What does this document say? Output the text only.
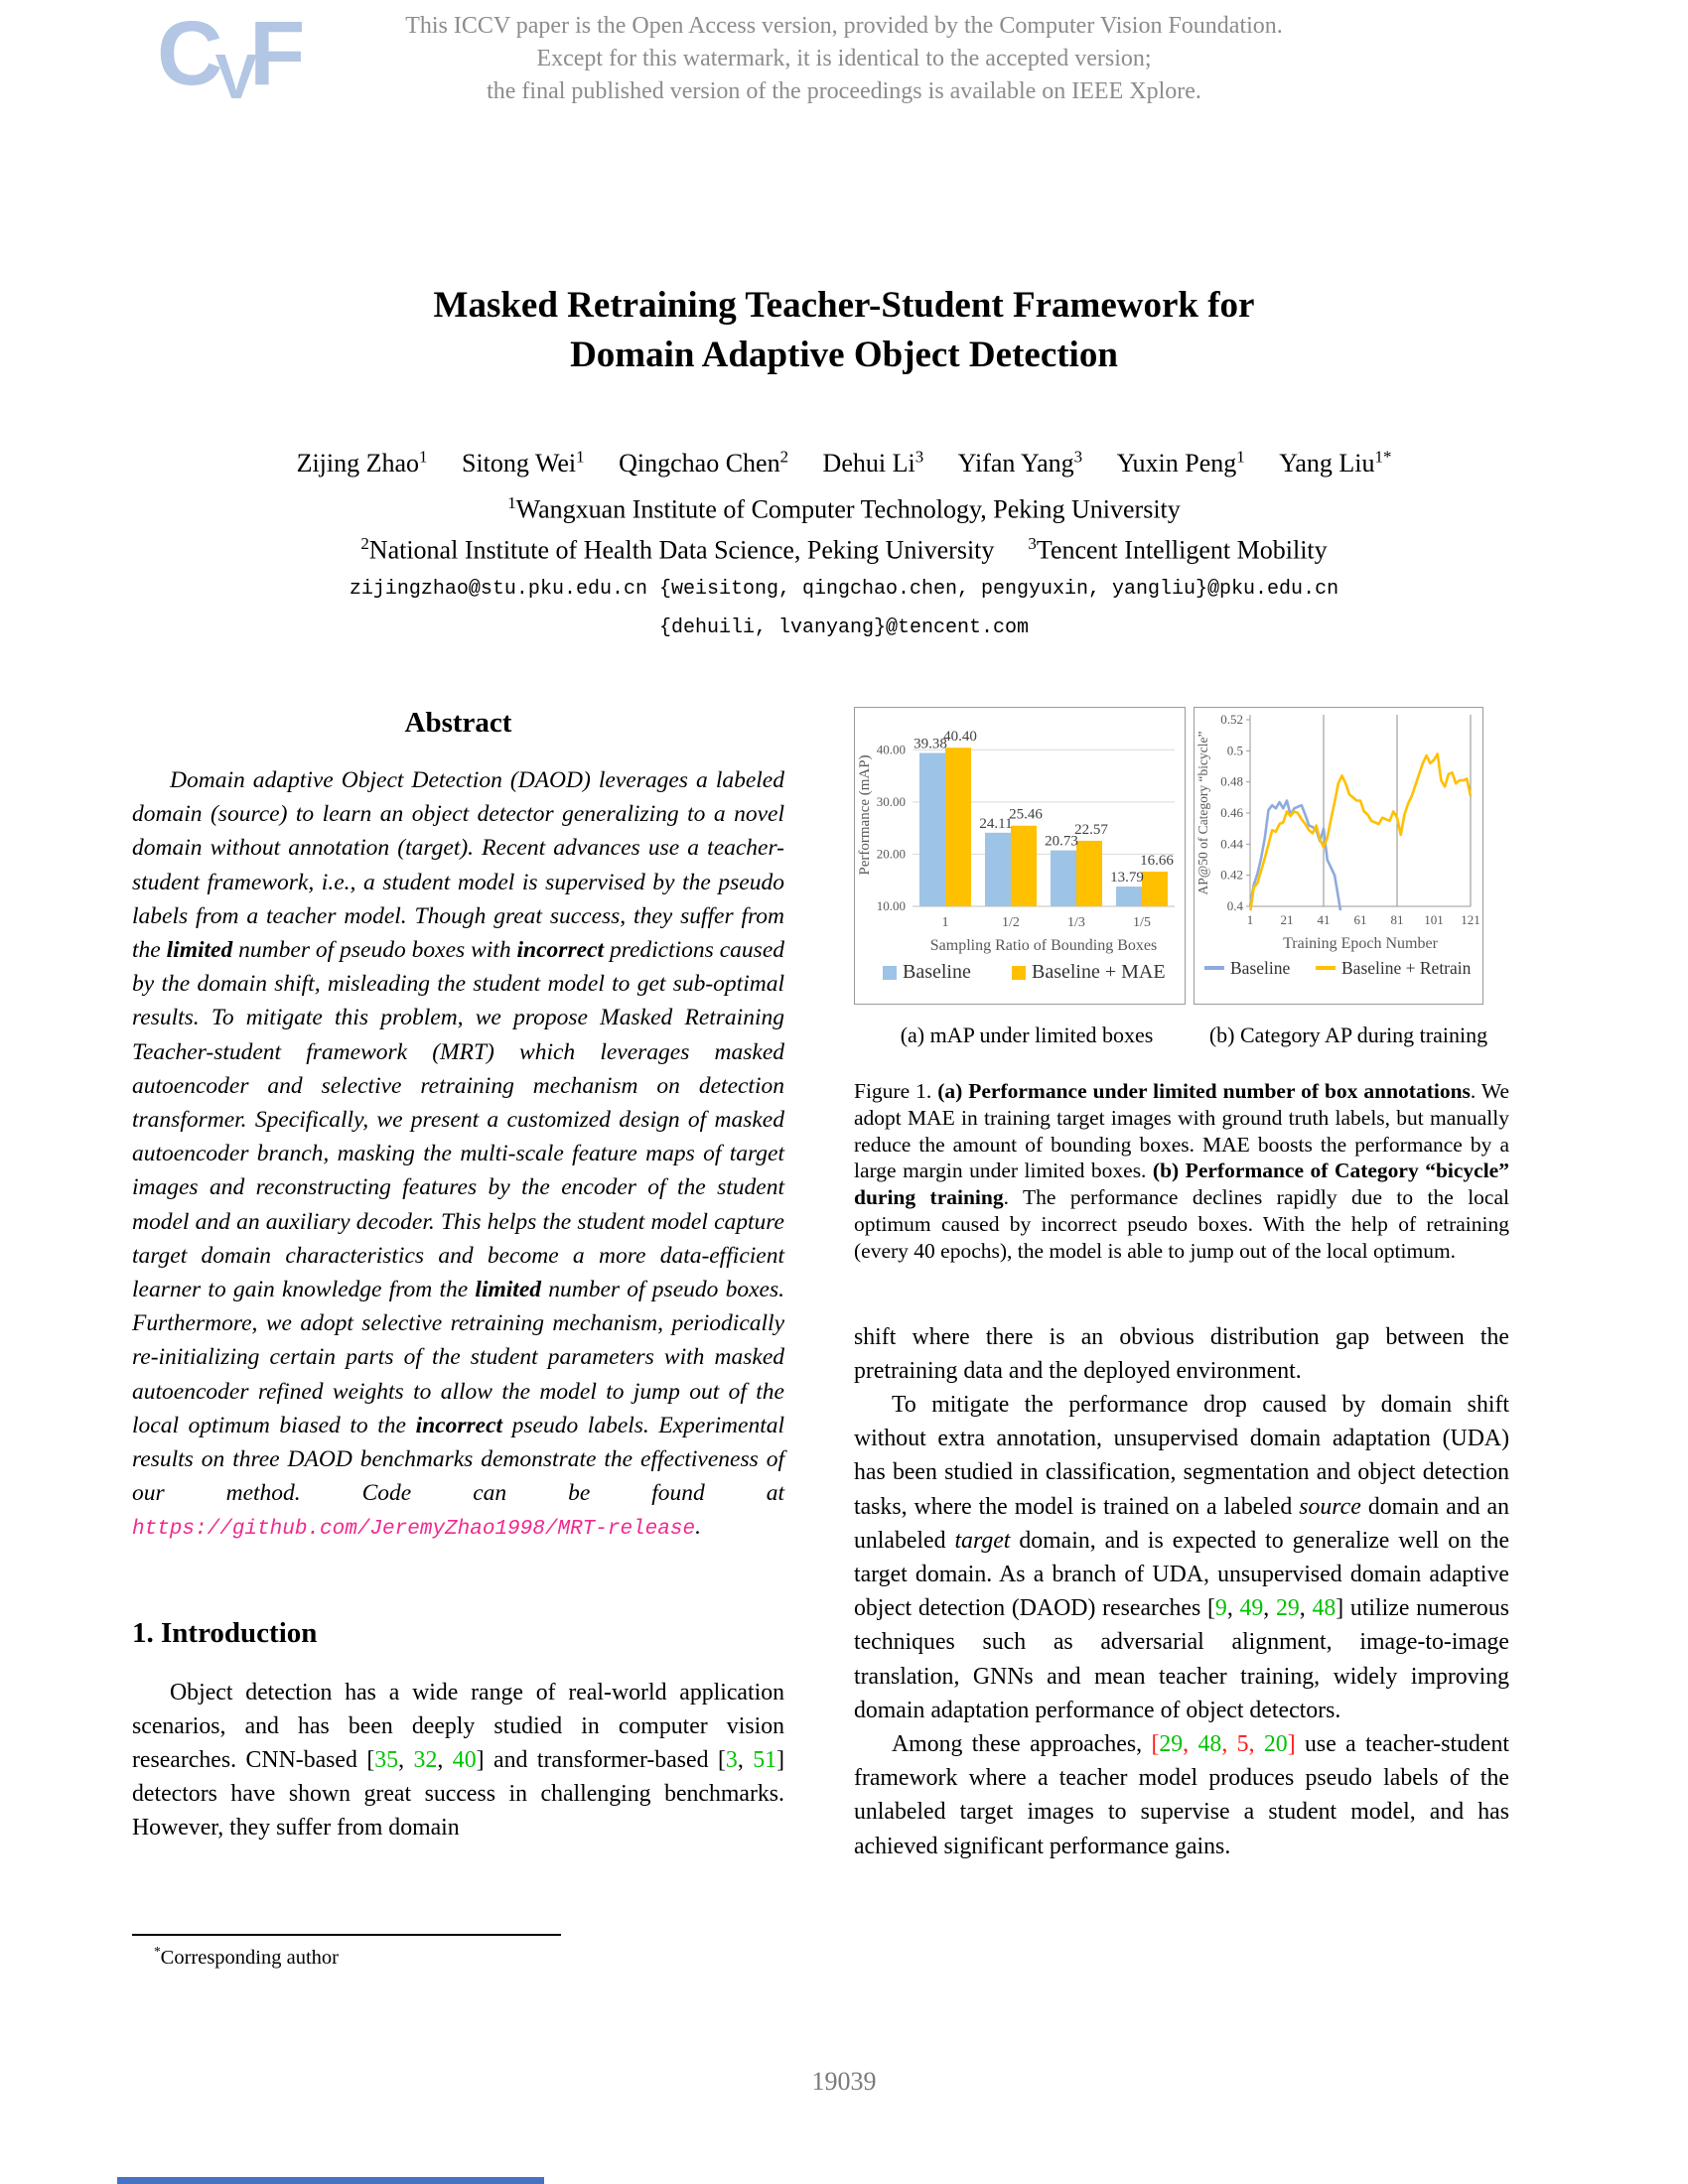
CVF	This ICCV paper is the Open Access version, provided by the Computer Vision Foundation.
Except for this watermark, it is identical to the accepted version;
the final published version of the proceedings is available on IEEE Xplore.
Masked Retraining Teacher-Student Framework for
Domain Adaptive Object Detection
Zijing Zhao$^1$ Sitong Wei$^1$ Qingchao Chen$^2$ Dehui Li$^3$ Yifan Yang$^3$ Yuxin Peng$^1$ Yang Liu$^{1*}$
$^1$Wangxuan Institute of Computer Technology, Peking University
$^2$National Institute of Health Data Science, Peking University $^3$Tencent Intelligent Mobility
zijingzhao@stu.pku.edu.cn {weisitong, qingchao.chen, pengyuxin, yangliu}@pku.edu.cn
{dehuili, lvanyang}@tencent.com
Abstract

Domain adaptive Object Detection (DAOD) leverages a labeled domain (source) to learn an object detector generalizing to a novel domain without annotation (target). Recent advances use a teacher-student framework, i.e., a student model is supervised by the pseudo labels from a teacher model. Though great success, they suffer from the limited number of pseudo boxes with incorrect predictions caused by the domain shift, misleading the student model to get sub-optimal results. To mitigate this problem, we propose Masked Retraining Teacher-student framework (MRT) which leverages masked autoencoder and selective retraining mechanism on detection transformer. Specifically, we present a customized design of masked autoencoder branch, masking the multi-scale feature maps of target images and reconstructing features by the encoder of the student model and an auxiliary decoder. This helps the student model capture target domain characteristics and become a more data-efficient learner to gain knowledge from the limited number of pseudo boxes. Furthermore, we adopt selective retraining mechanism, periodically re-initializing certain parts of the student parameters with masked autoencoder refined weights to allow the model to jump out of the local optimum biased to the incorrect pseudo labels. Experimental results on three DAOD benchmarks demonstrate the effectiveness of our method. Code can be found at https://github.com/JeremyZhao1998/MRT-release.

1. Introduction

Object detection has a wide range of real-world application scenarios, and has been deeply studied in computer vision researches. CNN-based [35, 32, 40] and transformer-based [3, 51] detectors have shown great success in challenging benchmarks. However, they suffer from domain

*Corresponding author
10.00
20.00
30.00
40.00 39.38
40.40
1
24.11
25.46
1/2
20.73
22.57
1/3
13.79
16.66
1/5
Sampling Ratio of Bounding Boxes
Performance (mAP)
Baseline	Baseline + MAE
0.4
0.42
0.44
0.46
0.48
0.5
0.52
1 21 41 61 81 101 121
AP@50 of Category “bicycle”
Training Epoch Number
Baseline	Baseline + Retrain
(a) mAP under limited boxes	(b) Category AP during training

Figure 1. (a) Performance under limited number of box annotations. We adopt MAE in training target images with ground truth labels, but manually reduce the amount of bounding boxes. MAE boosts the performance by a large margin under limited boxes. (b) Performance of Category “bicycle” during training. The performance declines rapidly due to the local optimum caused by incorrect pseudo boxes. With the help of retraining (every 40 epochs), the model is able to jump out of the local optimum.

shift where there is an obvious distribution gap between the pretraining data and the deployed environment.

To mitigate the performance drop caused by domain shift without extra annotation, unsupervised domain adaptation (UDA) has been studied in classification, segmentation and object detection tasks, where the model is trained on a labeled source domain and an unlabeled target domain, and is expected to generalize well on the target domain. As a branch of UDA, unsupervised domain adaptive object detection (DAOD) researches [9, 49, 29, 48] utilize numerous techniques such as adversarial alignment, image-to-image translation, GNNs and mean teacher training, widely improving domain adaptation performance of object detectors.

Among these approaches, [29, 48, 5, 20] use a teacher-student framework where a teacher model produces pseudo labels of the unlabeled target images to supervise a student model, and has achieved significant performance gains.

19039
